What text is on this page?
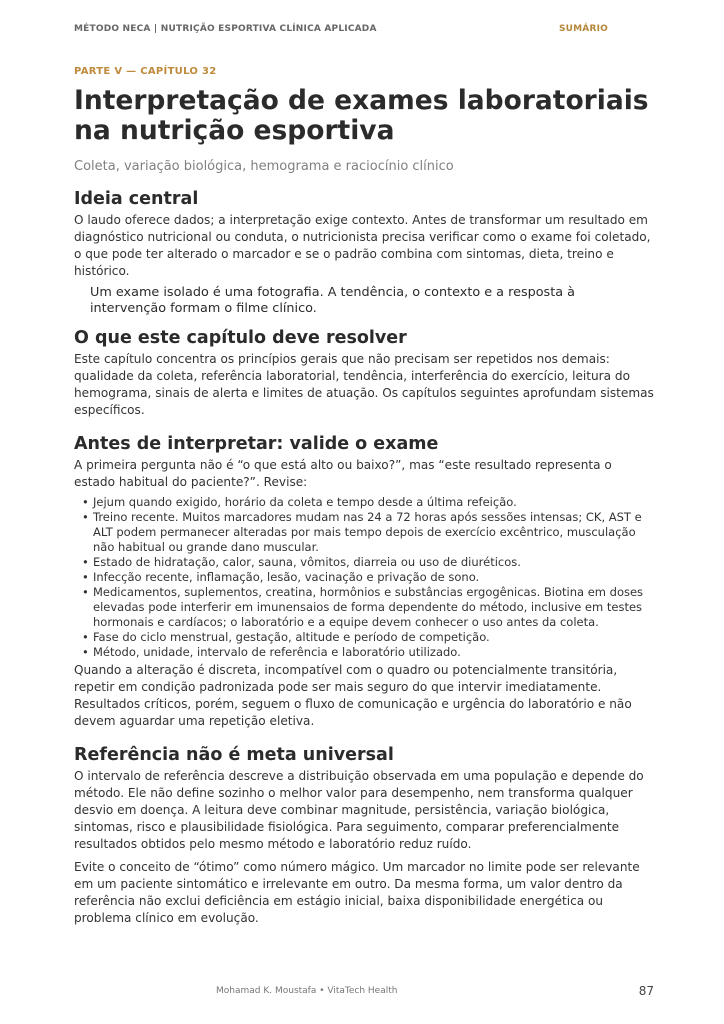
MÉTODO NECA | NUTRIÇÃO ESPORTIVA CLÍNICA APLICADA	SUMÁRIO
PARTE V — CAPÍTULO 32
Interpretação de exames laboratoriais
na nutrição esportiva

Coleta, variação biológica, hemograma e raciocínio clínico

Ideia central

O laudo oferece dados; a interpretação exige contexto. Antes de transformar um resultado em diagnóstico nutricional ou conduta, o nutricionista precisa verificar como o exame foi coletado, o que pode ter alterado o marcador e se o padrão combina com sintomas, dieta, treino e histórico.

Um exame isolado é uma fotografia. A tendência, o contexto e a resposta à intervenção formam o filme clínico.

O que este capítulo deve resolver

Este capítulo concentra os princípios gerais que não precisam ser repetidos nos demais: qualidade da coleta, referência laboratorial, tendência, interferência do exercício, leitura do hemograma, sinais de alerta e limites de atuação. Os capítulos seguintes aprofundam sistemas específicos.

Antes de interpretar: valide o exame

A primeira pergunta não é “o que está alto ou baixo?”, mas “este resultado representa o estado habitual do paciente?”. Revise:

• Jejum quando exigido, horário da coleta e tempo desde a última refeição.
• Treino recente. Muitos marcadores mudam nas 24 a 72 horas após sessões intensas; CK, AST e ALT podem permanecer alteradas por mais tempo depois de exercício excêntrico, musculação não habitual ou grande dano muscular.
• Estado de hidratação, calor, sauna, vômitos, diarreia ou uso de diuréticos.
• Infecção recente, inflamação, lesão, vacinação e privação de sono.
• Medicamentos, suplementos, creatina, hormônios e substâncias ergogênicas. Biotina em doses elevadas pode interferir em imunensaios de forma dependente do método, inclusive em testes hormonais e cardíacos; o laboratório e a equipe devem conhecer o uso antes da coleta.
• Fase do ciclo menstrual, gestação, altitude e período de competição.
• Método, unidade, intervalo de referência e laboratório utilizado.

Quando a alteração é discreta, incompatível com o quadro ou potencialmente transitória, repetir em condição padronizada pode ser mais seguro do que intervir imediatamente. Resultados críticos, porém, seguem o fluxo de comunicação e urgência do laboratório e não devem aguardar uma repetição eletiva.

Referência não é meta universal

O intervalo de referência descreve a distribuição observada em uma população e depende do método. Ele não define sozinho o melhor valor para desempenho, nem transforma qualquer desvio em doença. A leitura deve combinar magnitude, persistência, variação biológica, sintomas, risco e plausibilidade fisiológica. Para seguimento, comparar preferencialmente resultados obtidos pelo mesmo método e laboratório reduz ruído.

Evite o conceito de “ótimo” como número mágico. Um marcador no limite pode ser relevante em um paciente sintomático e irrelevante em outro. Da mesma forma, um valor dentro da referência não exclui deficiência em estágio inicial, baixa disponibilidade energética ou problema clínico em evolução.

Mohamad K. Moustafa • VitaTech Health	87
